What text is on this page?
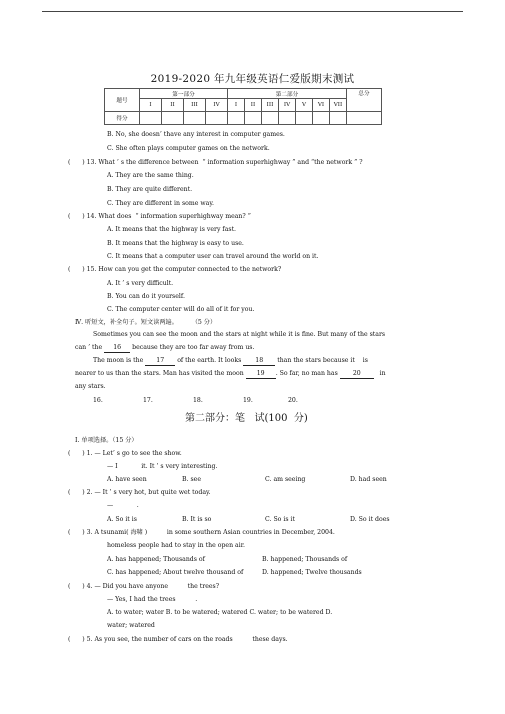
2019-2020 年九年级英语仁爱版期末测试
题号	第一部分				第二部分							总分
	I	II	III	IV	I	II	III	IV	V	VI	VII	
得分												
B. No, she doesn’ thave any interest in computer games.
C. She often plays computer games on the network.
(      ) 13. What ’ s the difference between  “ information superhighway ” and “the network ” ?
A. They are the same thing.
B. They are quite different.
C. They are different in some way.
(      ) 14. What does  “ information superhighway mean? ”
A. It means that the highway is very fast.
B. It means that the highway is easy to use.
C. It means that a computer user can travel around the world on it.
(      ) 15. How can you get the computer connected to the network?
A. It ’ s very difficult.
B. You can do it yourself.
C. The computer center will do all of it for you.
Ⅳ. 听短文，补全句子。短文读两遍。       （5 分）
Sometimes you can see the moon and the stars at night while it is fine. But many of the stars
can ’ the 16 because they are too far away from us.
The moon is the 17 of the earth. It looks 18 than the stars because it    is
nearer to us than the stars. Man has visited the moon 19 . So far, no man has 20	in
any stars.
16.	17.	18.	19.	20.
第二部分：笔   试(100  分)
Ⅰ. 单项选择。（15 分）
(      ) 1. — Let’ s go to see the show.
— I            it. It ’ s very interesting.
A. have seen	B. see	C. am seeing	D. had seen
(      ) 2. — It ’ s very hot, but quite wet today.
—            .
A. So it is	B. It is so	C. So is it	D. So it does
(      ) 3. A tsunami( 海啸 )          in some southern Asian countries in December, 2004.
homeless people had to stay in the open air.
A. has happened; Thousands of	B. happened; Thousands of
C. has happened; About twelve thousand of	D. happened; Twelve thousands
(      ) 4. — Did you have anyone          the trees?
— Yes, I had the trees          .
A. to water; water B. to be watered; watered C. water; to be watered D.
water; watered
(      ) 5. As you see, the number of cars on the roads          these days.
